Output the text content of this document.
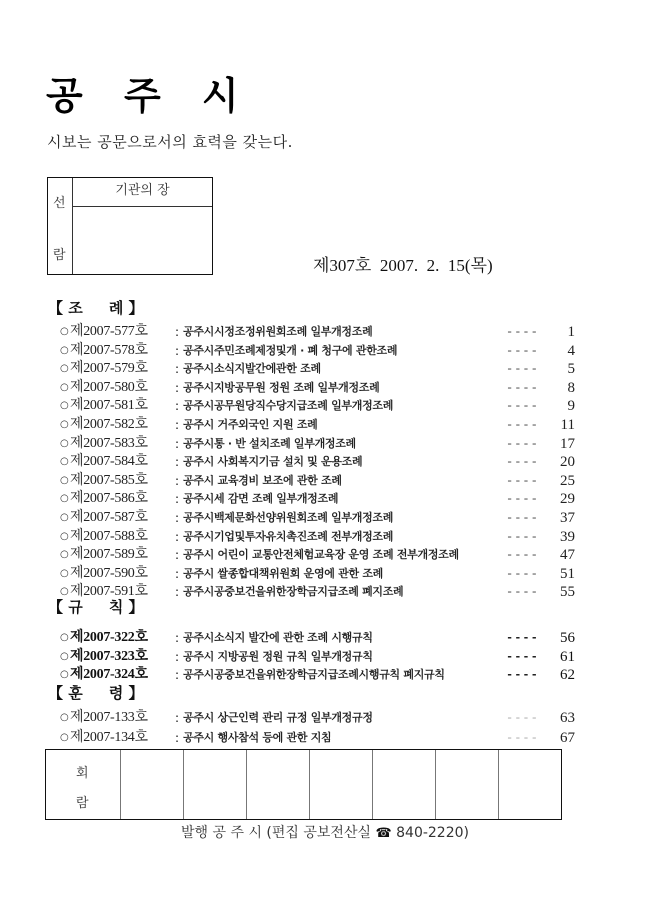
공 주 시
시보는 공문으로서의 효력을 갖는다.
선
람
기관의 장
제307호 2007.  2.  15(목)
【 조     례 】
○ 제2007-577호 : 공주시시정조정위원회조례 일부개정조례	----	1
○ 제2007-578호 : 공주시주민조례제정및개 · 폐 청구에 관한조례	----	4
○ 제2007-579호 : 공주시소식지발간에관한 조례	----	5
○ 제2007-580호 : 공주시지방공무원 정원 조례 일부개정조례	----	8
○ 제2007-581호 : 공주시공무원당직수당지급조례 일부개정조례	----	9
○ 제2007-582호 : 공주시 거주외국인 지원 조례	----	11
○ 제2007-583호 : 공주시통 · 반 설치조례 일부개정조례	----	17
○ 제2007-584호 : 공주시 사회복지기금 설치 및 운용조례	----	20
○ 제2007-585호 : 공주시 교육경비 보조에 관한 조례	----	25
○ 제2007-586호 : 공주시세 감면 조례 일부개정조례	----	29
○ 제2007-587호 : 공주시백제문화선양위원회조례 일부개정조례	----	37
○ 제2007-588호 : 공주시기업및투자유치촉진조례 전부개정조례	----	39
○ 제2007-589호 : 공주시 어린이 교통안전체험교육장 운영 조례 전부개정조례	----	47
○ 제2007-590호 : 공주시 쌀종합대책위원회 운영에 관한 조례	----	51
○ 제2007-591호 : 공주시공중보건을위한장학금지급조례 폐지조례	----	55
【 규     칙 】
○ 제2007-322호 : 공주시소식지 발간에 관한 조례 시행규칙	----	56
○ 제2007-323호 : 공주시 지방공원 정원 규칙 일부개정규칙	----	61
○ 제2007-324호 : 공주시공중보건을위한장학금지급조례시행규칙 폐지규칙	----	62
【 훈     령 】
○ 제2007-133호 : 공주시 상근인력 관리 규정 일부개정규정	----	63
○ 제2007-134호 : 공주시 행사참석 등에 관한 지침	----	67
회
람
발행 공 주 시 (편집 공보전산실 ☎ 840-2220)
